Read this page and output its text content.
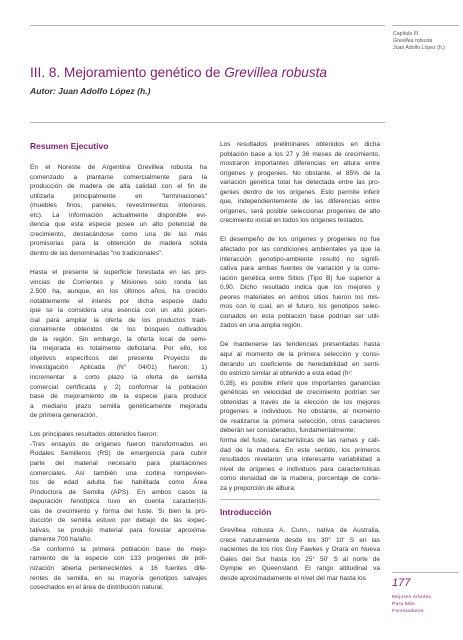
Capítulo III
Grevillea robusta
Juan Adolfo López (h.)
III. 8. Mejoramiento genético de Grevillea robusta
Autor: Juan Adolfo López (h.)
Resumen Ejecutivo
En el Noreste de Argentina Grevillea robusta ha
comenzado a plantarse comercialmente para la
producción de madera de alta calidad con el fin de
utilizarla principalmente en "terminaciones"
(muebles finos, paneles, revestimientos interiores,
etc). La información actualmente disponible evi-
dencia que esta especie posee un alto potencial de
crecimiento, destacándose como una de las más
promisorias para la obtención de madera sólida
dentro de las denominadas "no tradicionales".
Hasta el presente la superficie forestada en las pro-
vincias de Corrientes y Misiones sólo ronda las
2.500 ha, aunque, en los últimos años, ha crecido
notablemente el interés por dicha especie dado
que se la considera una esencia con un alto poten-
cial para ampliar la oferta de los productos tradi-
cionalmente obtenidos de los bosques cultivados
de la región. Sin embargo, la oferta local de semi-
lla mejorada es totalmente deficitaria. Por ello, los
objetivos específicos del presente Proyecto de
Investigación Aplicada (N° 04/01) fueron: 1)
incrementar a corto plazo la oferta de semilla
comercial certificada y 2) conformar la población
base de mejoramiento de la especie para producir
a mediano plazo semilla genéticamente mejorada
de primera generación.
Los principales resultados obtenidos fueron:
-Tres ensayos de orígenes fueron transformados en
Rodales Semilleros (RS) de emergencia para cubrir
parte del material necesario para plantaciones
comerciales. Así también una cortina rompevien-
tos de edad adulta fue habilitada como Área
Productora de Semilla (APS). En ambos casos la
depuración fenotípica tuvo en cuenta característi-
cas de crecimiento y forma del fuste. Si bien la pro-
ducción de semilla estuvo por debajo de las expec-
tativas, se produjo material para forestar aproxima-
damente 700 ha/año.
-Se conformó la primera población base de mejo-
ramiento de la especie con 133 progenies de poli-
nización abierta pertenecientes a 16 fuentes dife-
rentes de semilla, en su mayoría genotipos salvajes
cosechados en el área de distribución natural.
Los resultados preliminares obtenidos en dicha
población base a los 27 y 36 meses de crecimiento,
mostraron importantes diferencias en altura entre
orígenes y progenies. No obstante, el 85% de la
variación genética total fue detectada entre las pro-
genies dentro de los orígenes. Esto permite inferir
que, independientemente de las diferencias entre
orígenes, será posible seleccionar progenies de alto
crecimiento inicial en todos los orígenes testados.
El desempeño de los orígenes y progenies no fue
afectado por las condiciones ambientales ya que la
interacción genotipo-ambiente resultó no signifi-
cativa para ambas fuentes de variación y la corre-
lación genética entre Sitios (Tipo B) fue superior a
0,90. Dicho resultado indica que los mejores y
peores materiales en ambos sitios fueron los mis-
mos con lo cual, en el futuro, los genotipos selec-
cionados en esta población base podrían ser utili-
zados en una amplia región.
De mantenerse las tendencias presentadas hasta
aquí al momento de la primera selección y consi-
derando un coeficiente de heredabilidad en senti-
do estricto similar al obtenido a esta edad (h²:
0,28), es posible inferir que importantes ganancias
genéticas en velocidad de crecimiento podrían ser
obtenidas a través de la elección de los mejores
progenies e individuos. No obstante, al momento
de realizarse la primera selección, otros caracteres
deberán ser considerados, fundamentalmente:
forma del fuste, características de las ramas y cali-
dad de la madera. En este sentido, los primeros
resultados revelaron una interesante variabilidad a
nivel de orígenes e individuos para características
como densidad de la madera, porcentaje de corte-
za y proporción de albura.
Introducción
Grevillea robusta A. Cunn., nativa de Australia,
crece naturalmente desde los 30° 10' S en las
nacientes de los ríos Guy Fawkes y Orara en Nueva
Gales del Sur hasta los 25° 50' S al norte de
Gympie en Queensland. El rango altitudinal va
desde aproximadamente el nivel del mar hasta los	177
Mejores Árboles
Para Más
Forestadores
